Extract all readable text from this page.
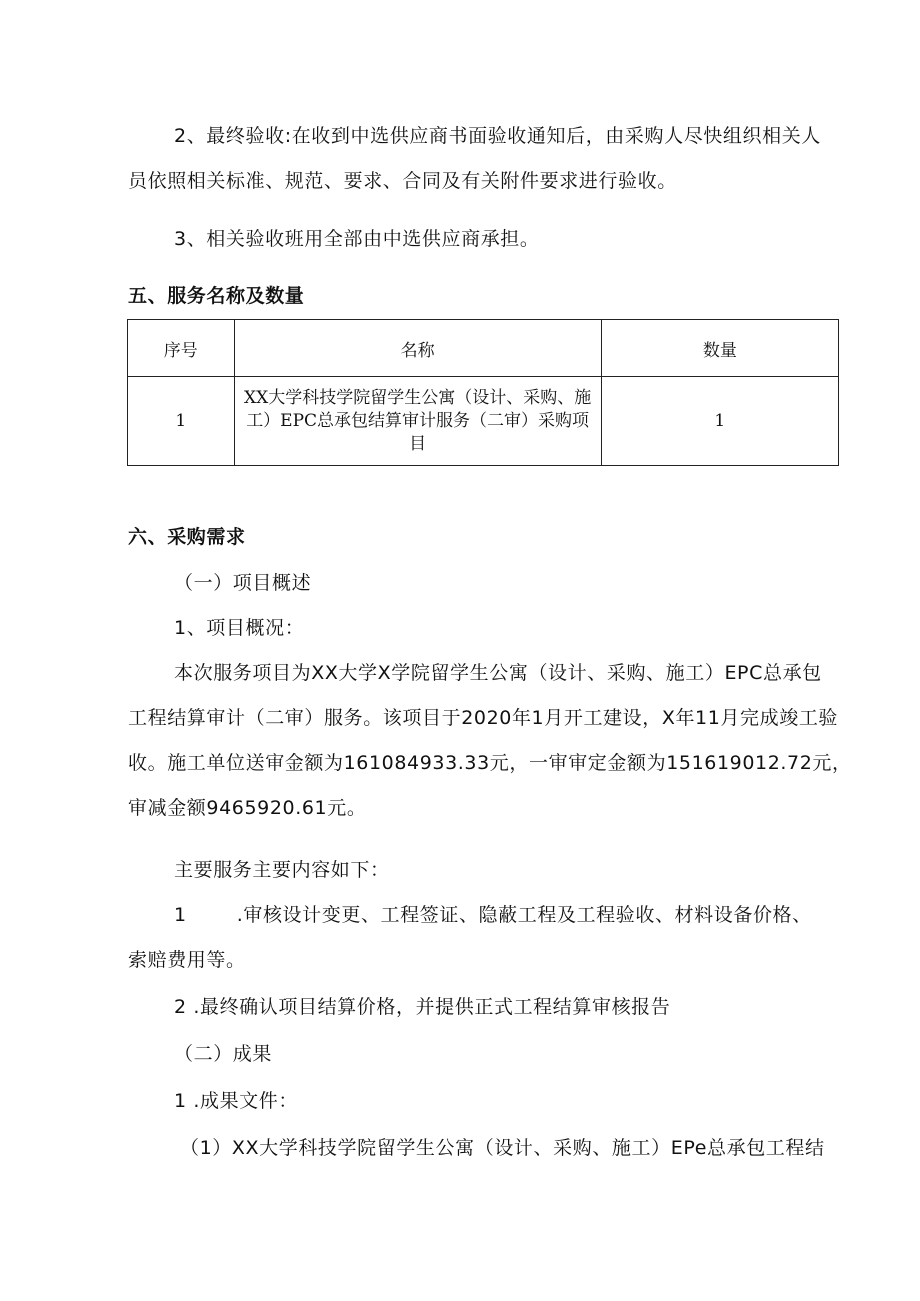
2、最终验收:在收到中选供应商书面验收通知后，由采购人尽快组织相关人
员依照相关标准、规范、要求、合同及有关附件要求进行验收。
3、相关验收班用全部由中选供应商承担。
五、服务名称及数量
序号	名称	数量
1	XX大学科技学院留学生公寓（设计、采购、施工）EPC总承包结算审计服务（二审）采购项目	1
六、采购需求
（一）项目概述
1、项目概况：
本次服务项目为XX大学X学院留学生公寓（设计、采购、施工）EPC总承包
工程结算审计（二审）服务。该项目于2020年1月开工建设，X年11月完成竣工验
收。施工单位送审金额为161084933.33元，一审审定金额为151619012.72元，
审减金额9465920.61元。
主要服务主要内容如下：
1	.审核设计变更、工程签证、隐蔽工程及工程验收、材料设备价格、
索赔费用等。
2 .最终确认项目结算价格，并提供正式工程结算审核报告
（二）成果
1 .成果文件：
（1）XX大学科技学院留学生公寓（设计、采购、施工）EPe总承包工程结
